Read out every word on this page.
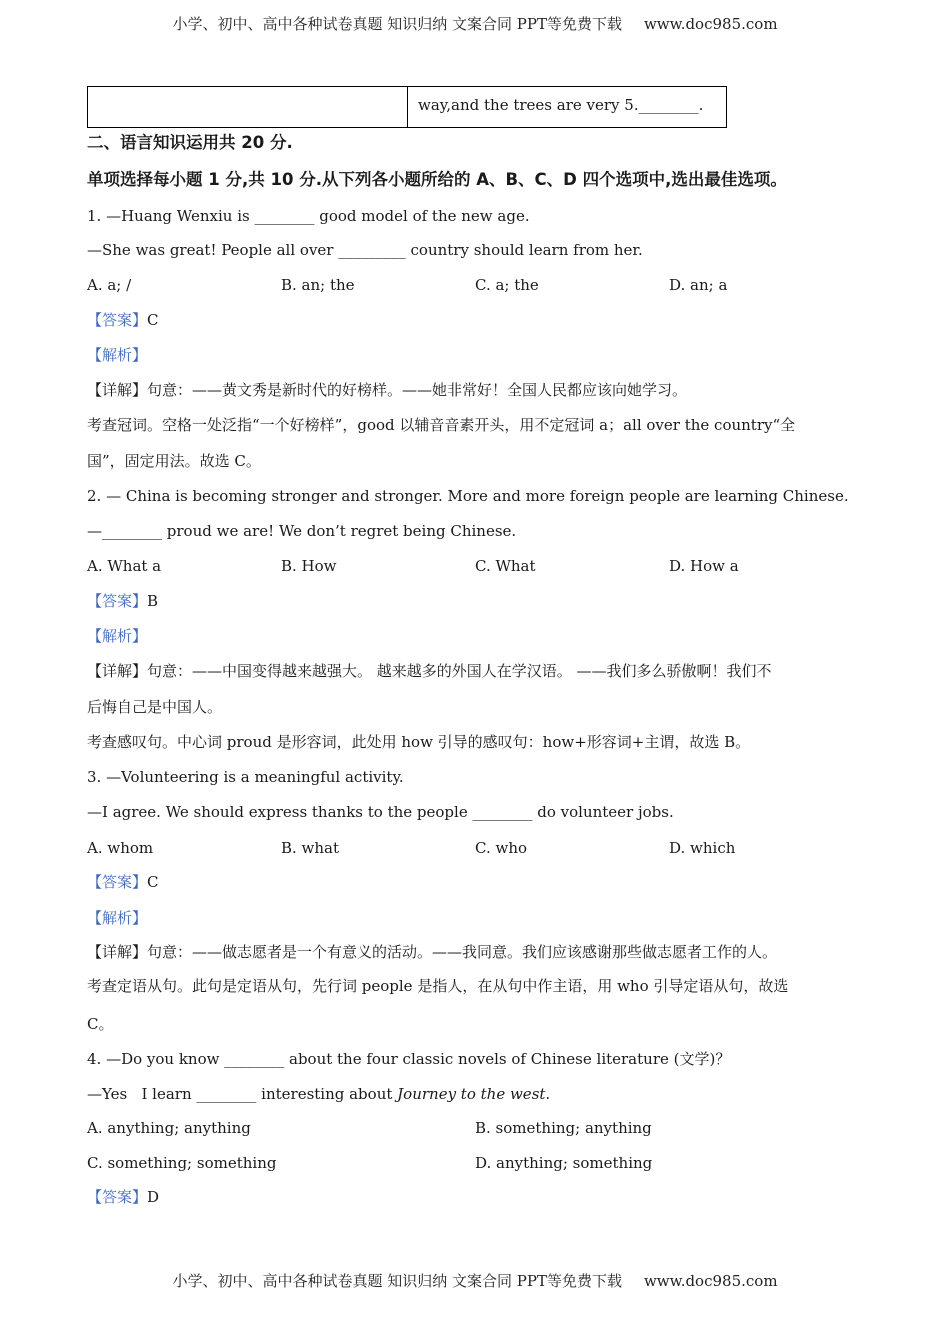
小学、初中、高中各种试卷真题 知识归纳 文案合同 PPT等免费下载 www.doc985.com
way,and the trees are very 5.________.
二、语言知识运用共 20 分.
单项选择每小题 1 分,共 10 分.从下列各小题所给的 A、B、C、D 四个选项中,选出最佳选项。
1. —Huang Wenxiu is ________ good model of the new age.
—She was great! People all over _________ country should learn from her.
A. a; /	B. an; the	C. a; the	D. an; a
【答案】C
【解析】
【详解】句意：——黄文秀是新时代的好榜样。——她非常好！全国人民都应该向她学习。
考查冠词。空格一处泛指“一个好榜样”，good 以辅音音素开头，用不定冠词 a；all over the country“全
国”，固定用法。故选 C。
2. — China is becoming stronger and stronger. More and more foreign people are learning Chinese.
—________ proud we are! We don’t regret being Chinese.
A. What a	B. How	C. What	D. How a
【答案】B
【解析】
【详解】句意：——中国变得越来越强大。 越来越多的外国人在学汉语。 ——我们多么骄傲啊！我们不
后悔自己是中国人。
考查感叹句。中心词 proud 是形容词，此处用 how 引导的感叹句：how+形容词+主谓，故选 B。
3. —Volunteering is a meaningful activity.
—I agree. We should express thanks to the people ________ do volunteer jobs.
A. whom	B. what	C. who	D. which
【答案】C
【解析】
【详解】句意：——做志愿者是一个有意义的活动。——我同意。我们应该感谢那些做志愿者工作的人。
考查定语从句。此句是定语从句，先行词 people 是指人，在从句中作主语，用 who 引导定语从句，故选
C。
4. —Do you know ________ about the four classic novels of Chinese literature (文学)？
—Yes   I learn ________ interesting about Journey to the west.
A. anything; anything	B. something; anything
C. something; something	D. anything; something
【答案】D
小学、初中、高中各种试卷真题 知识归纳 文案合同 PPT等免费下载 www.doc985.com
